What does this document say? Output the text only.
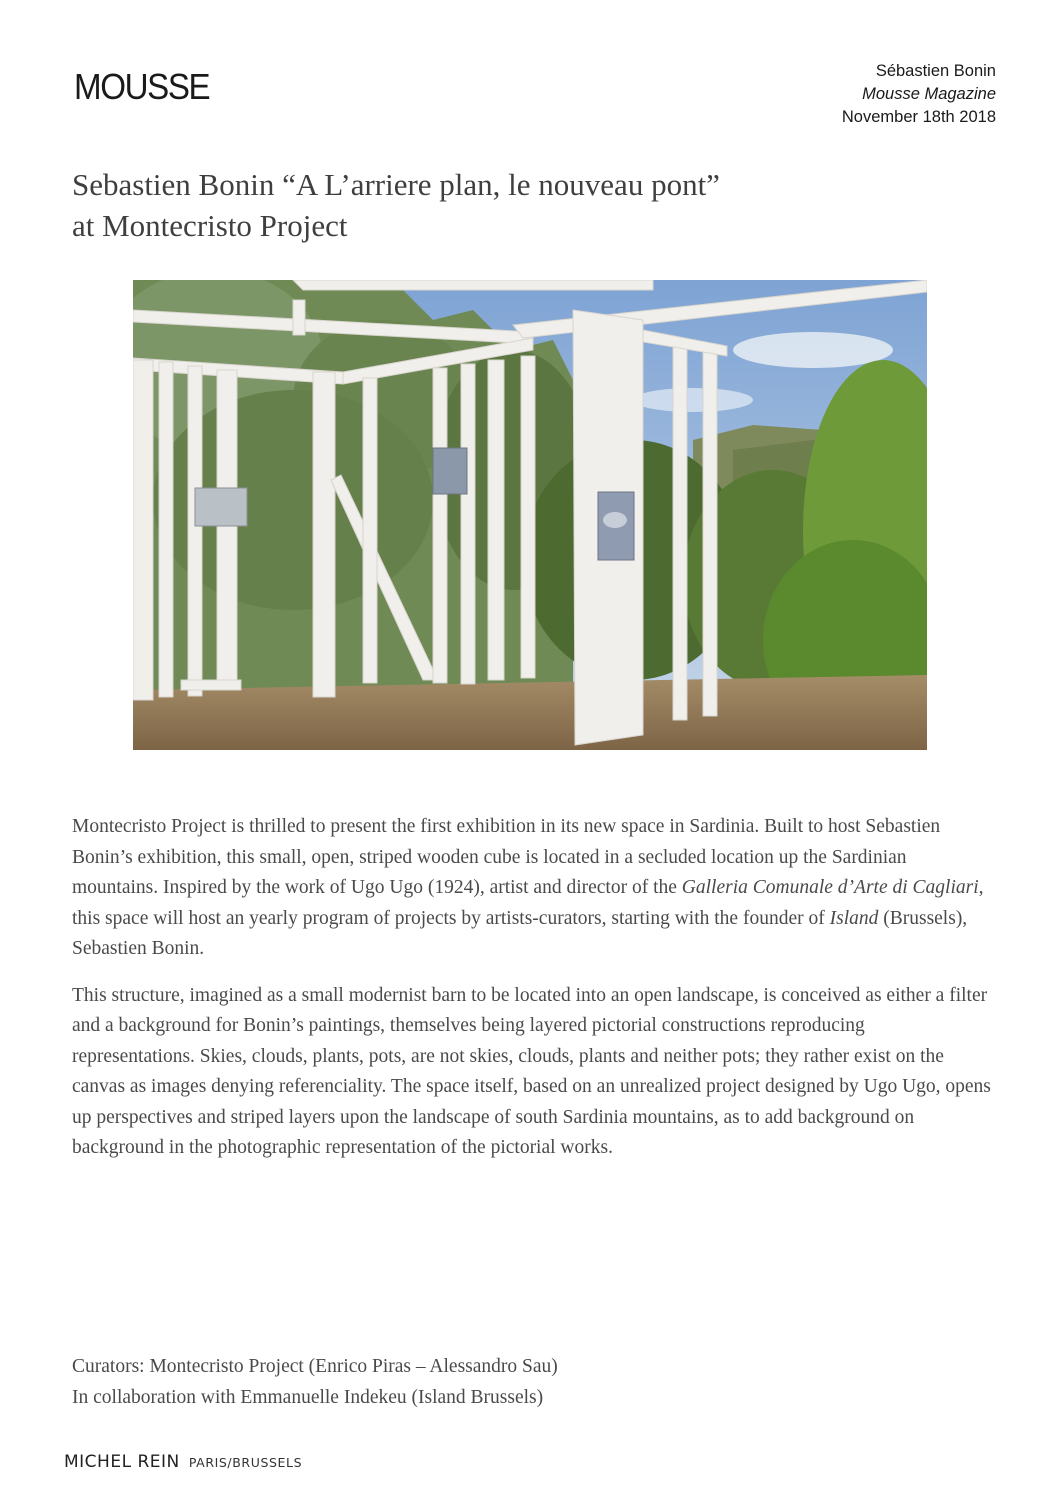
MOUSSE	Sébastien Bonin
Mousse Magazine
November 18th 2018
Sebastien Bonin “A L’arriere plan, le nouveau pont”
at Montecristo Project

Montecristo Project is thrilled to present the first exhibition in its new space in Sardinia. Built to host Sebastien Bonin’s exhibition, this small, open, striped wooden cube is located in a secluded location up the Sardinian mountains. Inspired by the work of Ugo Ugo (1924), artist and director of the Galleria Comunale d’Arte di Cagliari, this space will host an yearly program of projects by artists-curators, starting with the founder of Island (Brussels), Sebastien Bonin.

This structure, imagined as a small modernist barn to be located into an open landscape, is conceived as either a filter and a background for Bonin’s paintings, themselves being layered pictorial constructions reproducing representations. Skies, clouds, plants, pots, are not skies, clouds, plants and neither pots; they rather exist on the canvas as images denying referenciality. The space itself, based on an unrealized project designed by Ugo Ugo, opens up perspectives and striped layers upon the landscape of south Sardinia mountains, as to add background on background in the photographic representation of the pictorial works.

Curators: Montecristo Project (Enrico Piras – Alessandro Sau)
In collaboration with Emmanuelle Indekeu (Island Brussels)
MICHEL REIN PARIS/BRUSSELS
